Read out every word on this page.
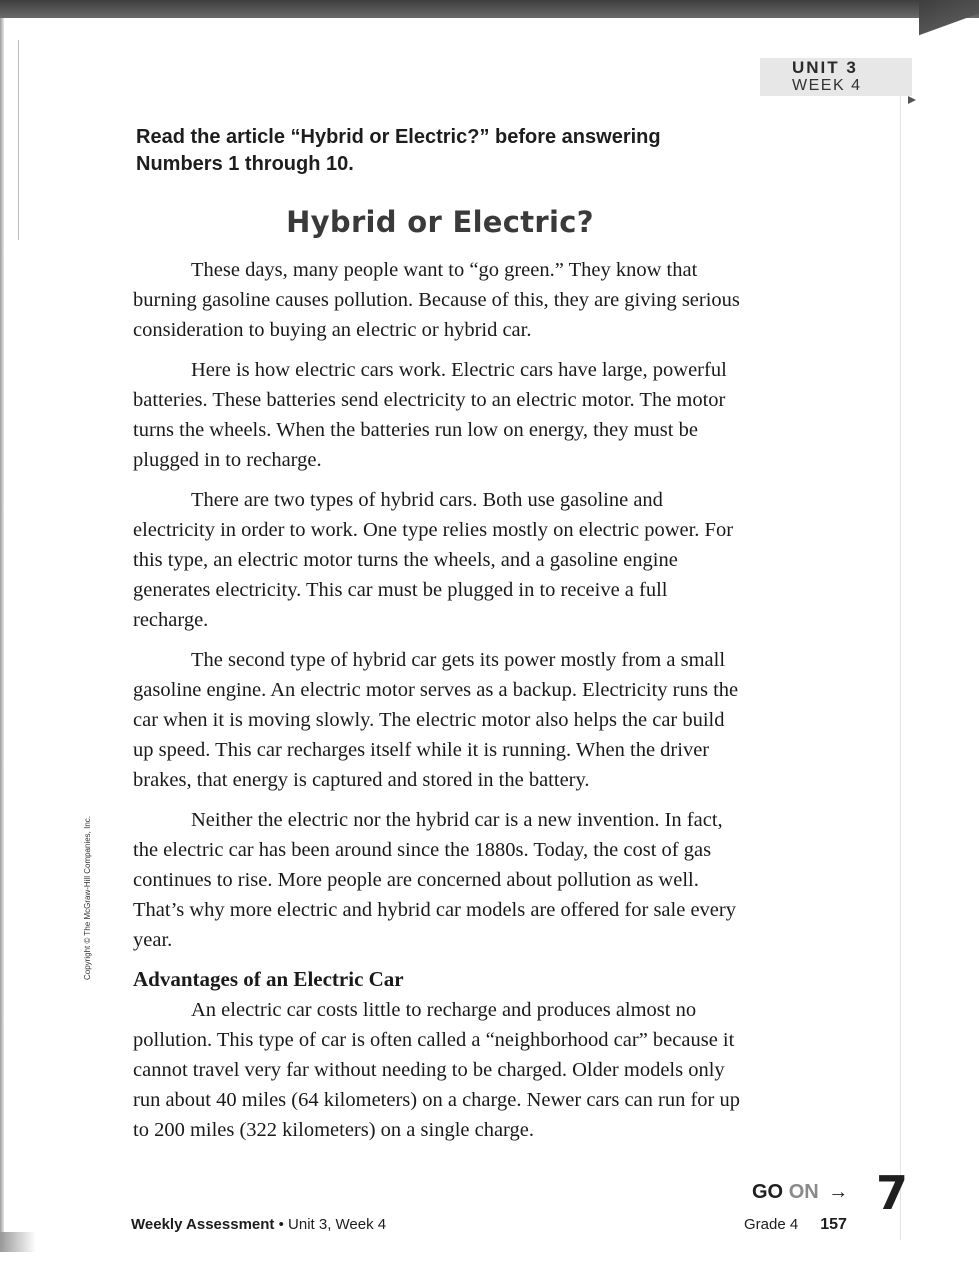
UNIT 3
WEEK 4
Read the article “Hybrid or Electric?” before answering
Numbers 1 through 10.
Hybrid or Electric?

These days, many people want to “go green.” They know that burning gasoline causes pollution. Because of this, they are giving serious consideration to buying an electric or hybrid car.

Here is how electric cars work. Electric cars have large, powerful batteries. These batteries send electricity to an electric motor. The motor turns the wheels. When the batteries run low on energy, they must be plugged in to recharge.

There are two types of hybrid cars. Both use gasoline and electricity in order to work. One type relies mostly on electric power. For this type, an electric motor turns the wheels, and a gasoline engine generates electricity. This car must be plugged in to receive a full recharge.

The second type of hybrid car gets its power mostly from a small gasoline engine. An electric motor serves as a backup. Electricity runs the car when it is moving slowly. The electric motor also helps the car build up speed. This car recharges itself while it is running. When the driver brakes, that energy is captured and stored in the battery.

Neither the electric nor the hybrid car is a new invention. In fact, the electric car has been around since the 1880s. Today, the cost of gas continues to rise. More people are concerned about pollution as well. That’s why more electric and hybrid car models are offered for sale every year.

Advantages of an Electric Car

An electric car costs little to recharge and produces almost no pollution. This type of car is often called a “neighborhood car” because it cannot travel very far without needing to be charged. Older models only run about 40 miles (64 kilometers) on a charge. Newer cars can run for up to 200 miles (322 kilometers) on a single charge.

Copyright © The McGraw-Hill Companies, Inc.
GO ON → 7
Weekly Assessment • Unit 3, Week 4	Grade 4 157
